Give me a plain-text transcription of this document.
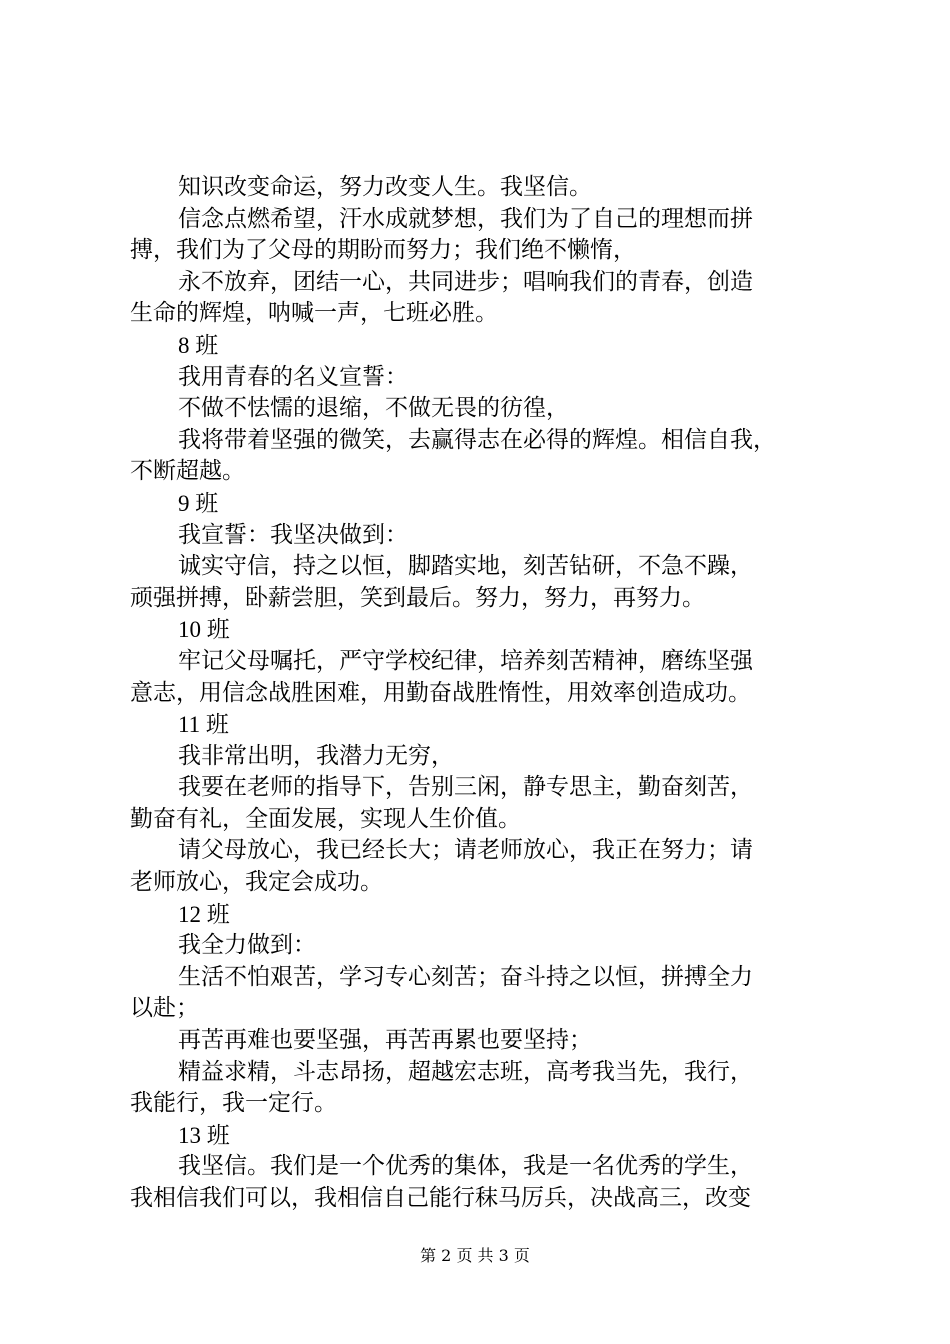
知识改变命运，努力改变人生。我坚信。
信念点燃希望，汗水成就梦想，我们为了自己的理想而拼
搏，我们为了父母的期盼而努力；我们绝不懒惰，
永不放弃，团结一心，共同进步；唱响我们的青春，创造
生命的辉煌，呐喊一声，七班必胜。
8 班
我用青春的名义宣誓：
不做不怯懦的退缩，不做无畏的彷徨，
我将带着坚强的微笑，去赢得志在必得的辉煌。相信自我，
不断超越。
9 班
我宣誓：我坚决做到：
诚实守信，持之以恒，脚踏实地，刻苦钻研，不急不躁，
顽强拼搏，卧薪尝胆，笑到最后。努力，努力，再努力。
10 班
牢记父母嘱托，严守学校纪律，培养刻苦精神，磨练坚强
意志，用信念战胜困难，用勤奋战胜惰性，用效率创造成功。
11 班
我非常出明，我潜力无穷，
我要在老师的指导下，告别三闲，静专思主，勤奋刻苦，
勤奋有礼，全面发展，实现人生价值。
请父母放心，我已经长大；请老师放心，我正在努力；请
老师放心，我定会成功。
12 班
我全力做到：
生活不怕艰苦，学习专心刻苦；奋斗持之以恒，拼搏全力
以赴；
再苦再难也要坚强，再苦再累也要坚持；
精益求精，斗志昂扬，超越宏志班，高考我当先，我行，
我能行，我一定行。
13 班
我坚信。我们是一个优秀的集体，我是一名优秀的学生，
我相信我们可以，我相信自己能行秣马厉兵，决战高三，改变
第 2 页 共 3 页
